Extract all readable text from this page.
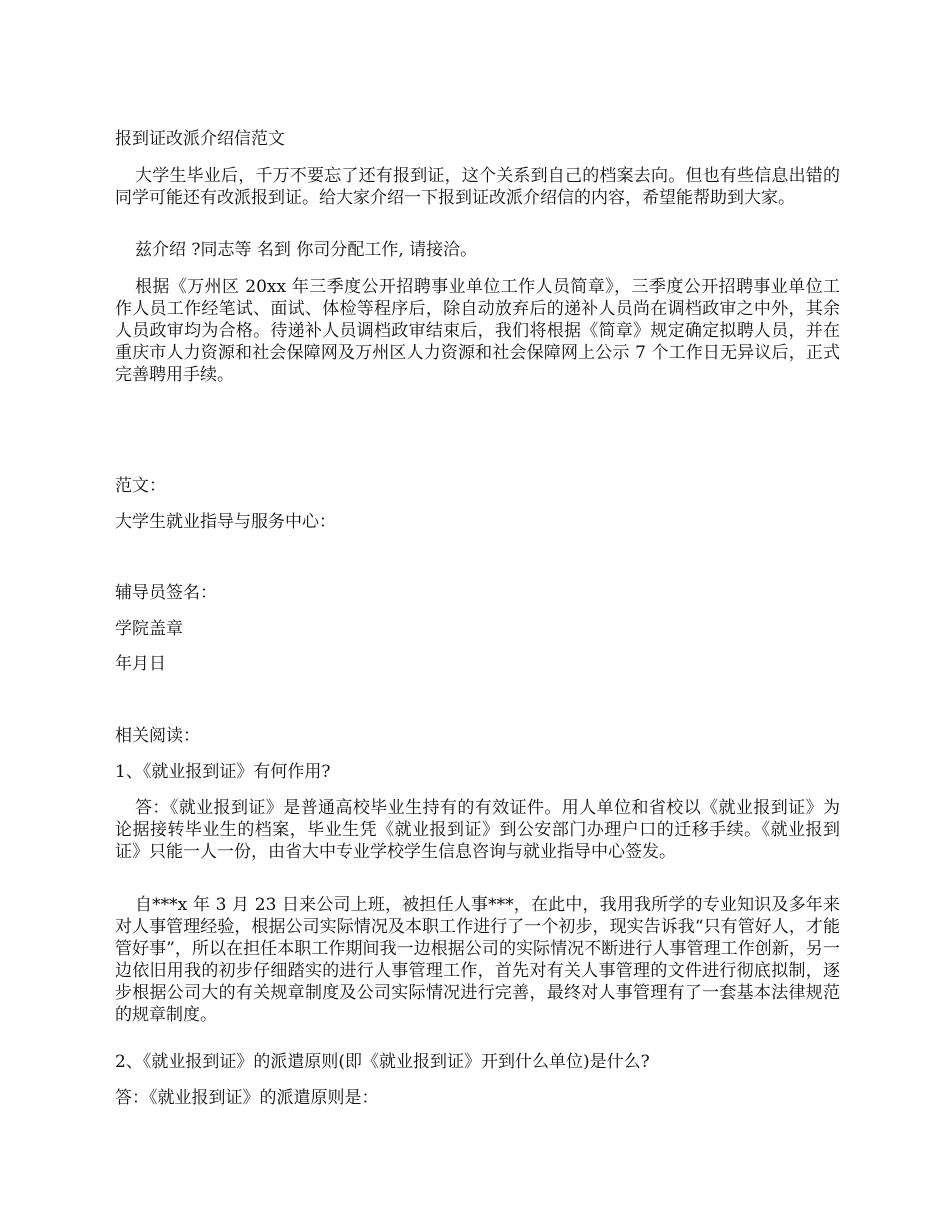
报到证改派介绍信范文

大学生毕业后，千万不要忘了还有报到证，这个关系到自己的档案去向。但也有些信息出错的同学可能还有改派报到证。给大家介绍一下报到证改派介绍信的内容，希望能帮助到大家。

兹介绍 ?同志等 名到 你司分配工作, 请接洽。

根据《万州区 20xx 年三季度公开招聘事业单位工作人员简章》，三季度公开招聘事业单位工作人员工作经笔试、面试、体检等程序后，除自动放弃后的递补人员尚在调档政审之中外，其余人员政审均为合格。待递补人员调档政审结束后，我们将根据《简章》规定确定拟聘人员，并在重庆市人力资源和社会保障网及万州区人力资源和社会保障网上公示 7 个工作日无异议后，正式完善聘用手续。

范文：

大学生就业指导与服务中心：

辅导员签名：

学院盖章

年月日

相关阅读：

1、《就业报到证》有何作用?

答：《就业报到证》是普通高校毕业生持有的有效证件。用人单位和省校以《就业报到证》为论据接转毕业生的档案，毕业生凭《就业报到证》到公安部门办理户口的迁移手续。《就业报到证》只能一人一份，由省大中专业学校学生信息咨询与就业指导中心签发。

自***x 年 3 月 23 日来公司上班，被担任人事***，在此中，我用我所学的专业知识及多年来对人事管理经验，根据公司实际情况及本职工作进行了一个初步，现实告诉我“只有管好人，才能管好事”，所以在担任本职工作期间我一边根据公司的实际情况不断进行人事管理工作创新，另一边依旧用我的初步仔细踏实的进行人事管理工作，首先对有关人事管理的文件进行彻底拟制，逐步根据公司大的有关规章制度及公司实际情况进行完善，最终对人事管理有了一套基本法律规范的规章制度。

2、《就业报到证》的派遣原则(即《就业报到证》开到什么单位)是什么?

答：《就业报到证》的派遣原则是：
